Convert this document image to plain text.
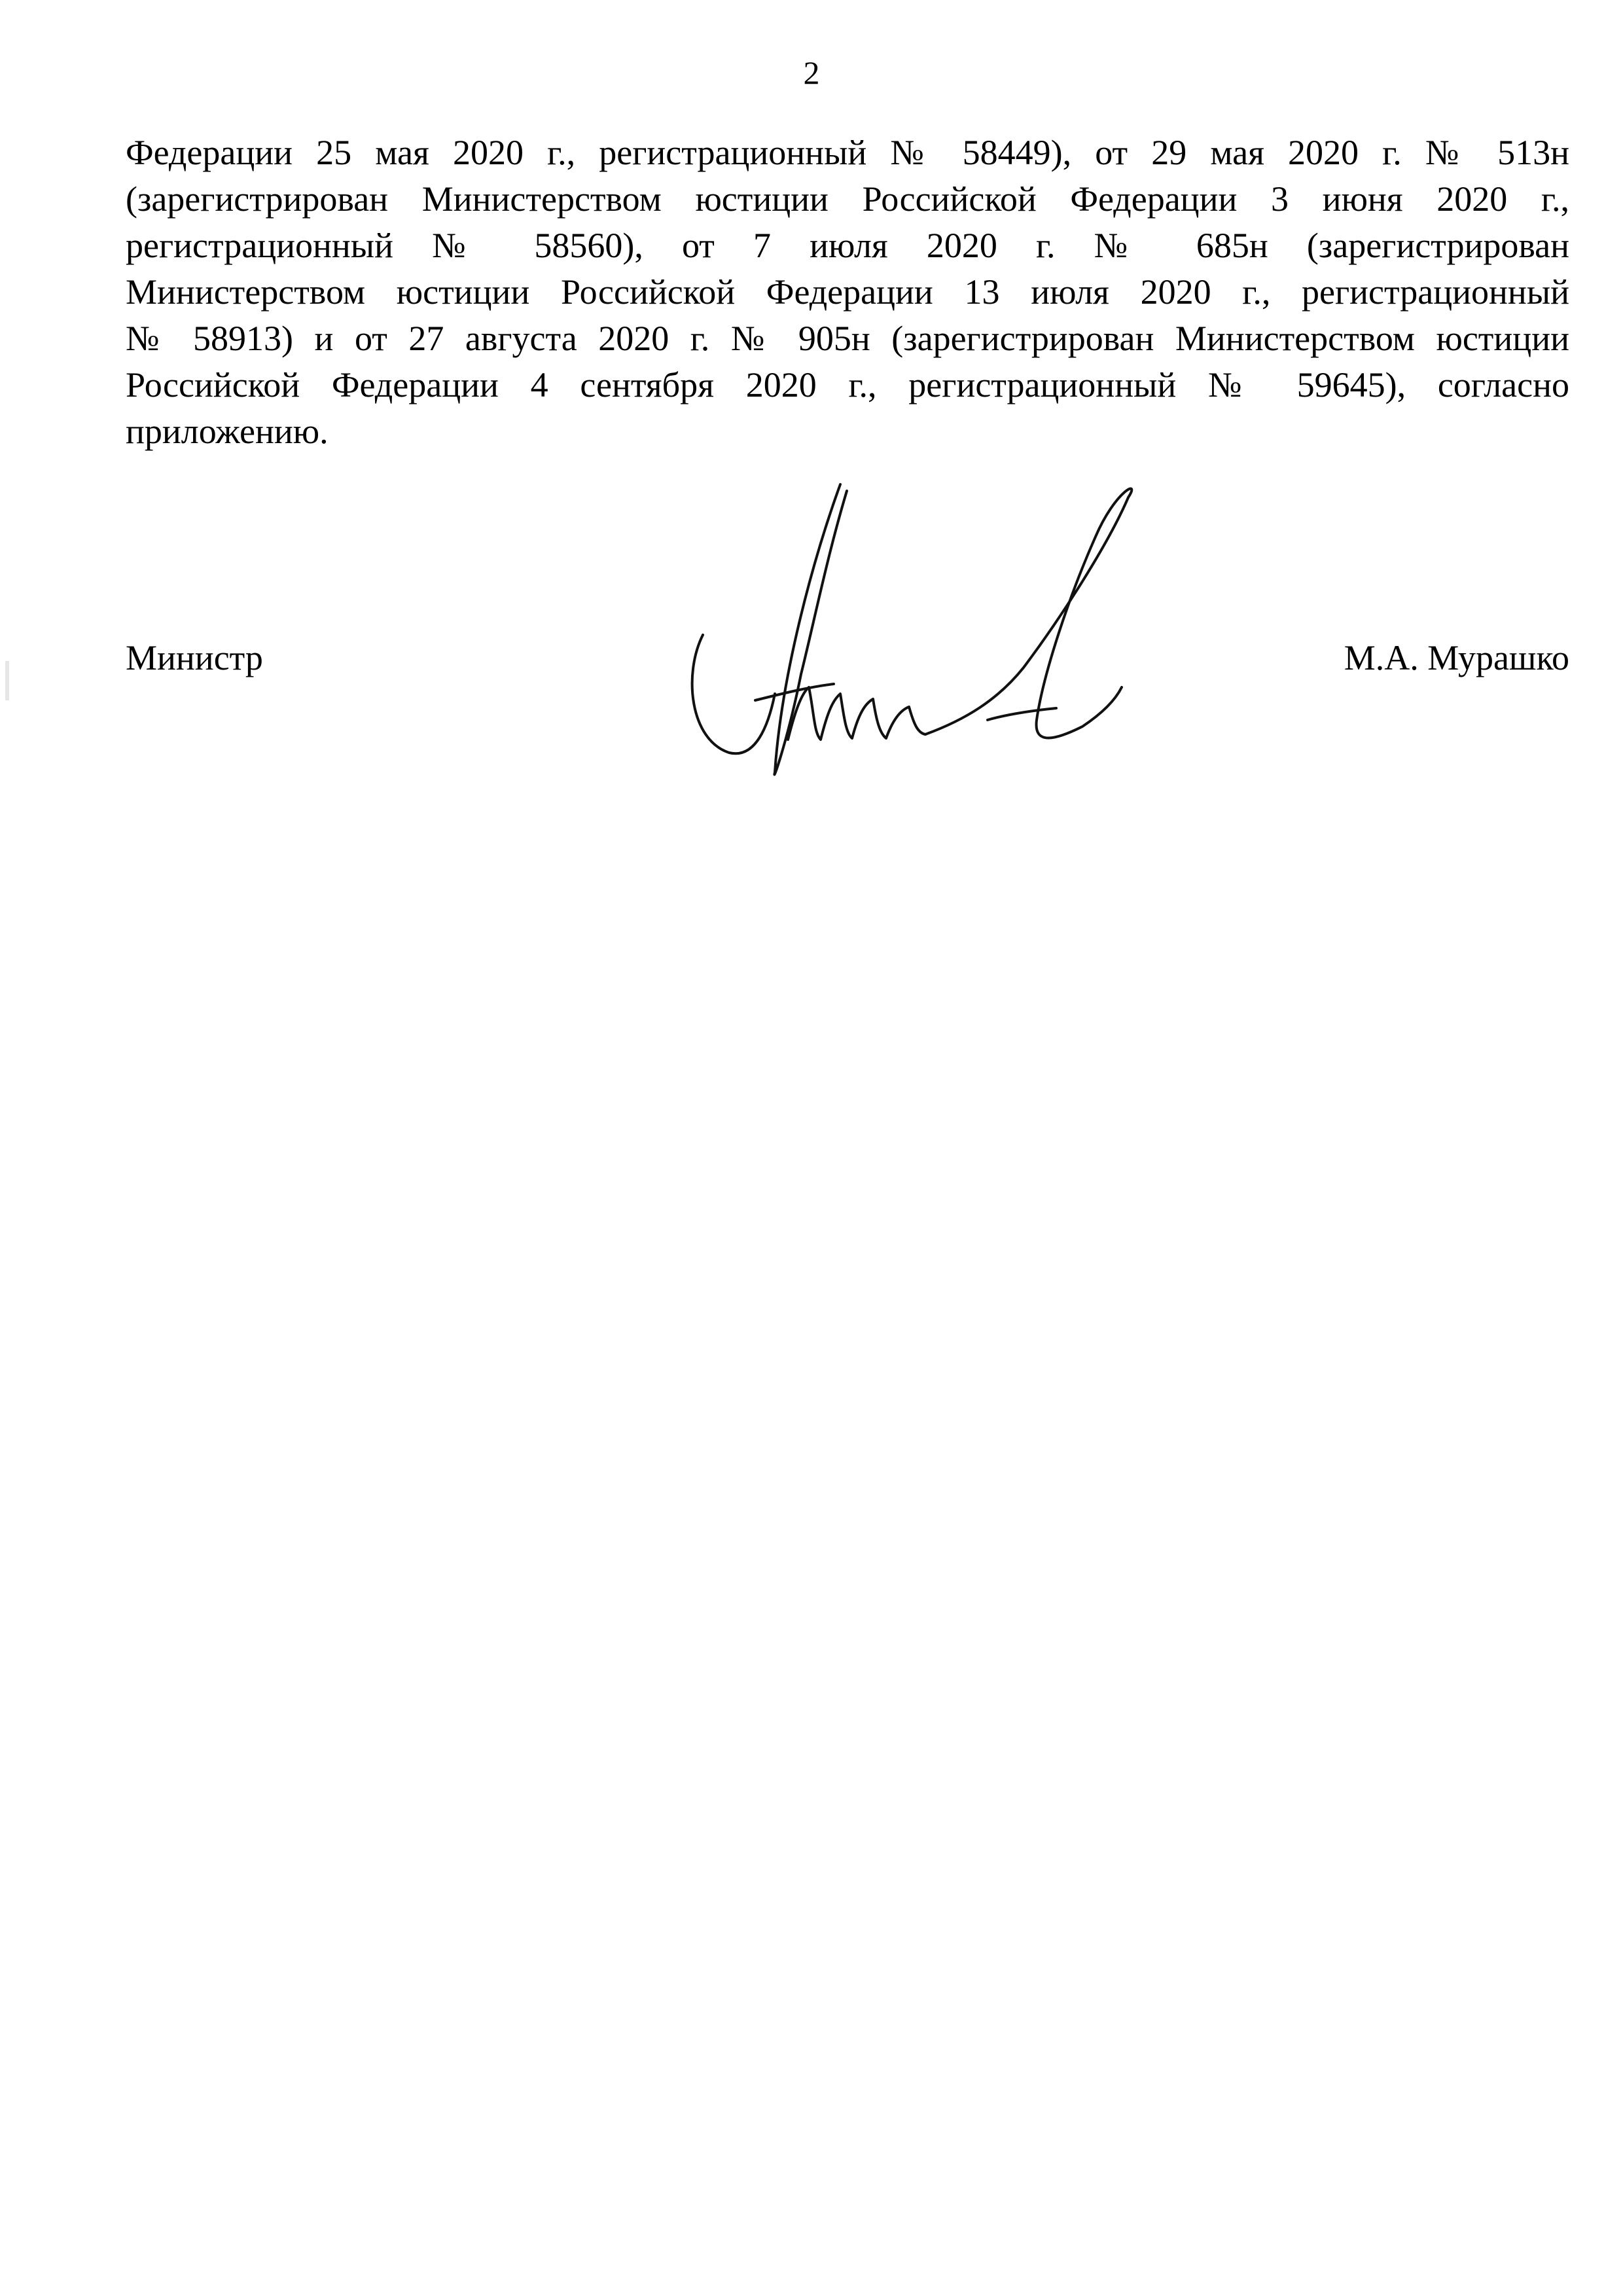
2
Федерации 25 мая 2020 г., регистрационный № 58449), от 29 мая 2020 г. № 513н
(зарегистрирован Министерством юстиции Российской Федерации 3 июня 2020 г.,
регистрационный № 58560), от 7 июля 2020 г. № 685н (зарегистрирован
Министерством юстиции Российской Федерации 13 июля 2020 г., регистрационный
№ 58913) и от 27 августа 2020 г. № 905н (зарегистрирован Министерством юстиции
Российской Федерации 4 сентября 2020 г., регистрационный № 59645), согласно
приложению.
Министр	М.А. Мурашко
